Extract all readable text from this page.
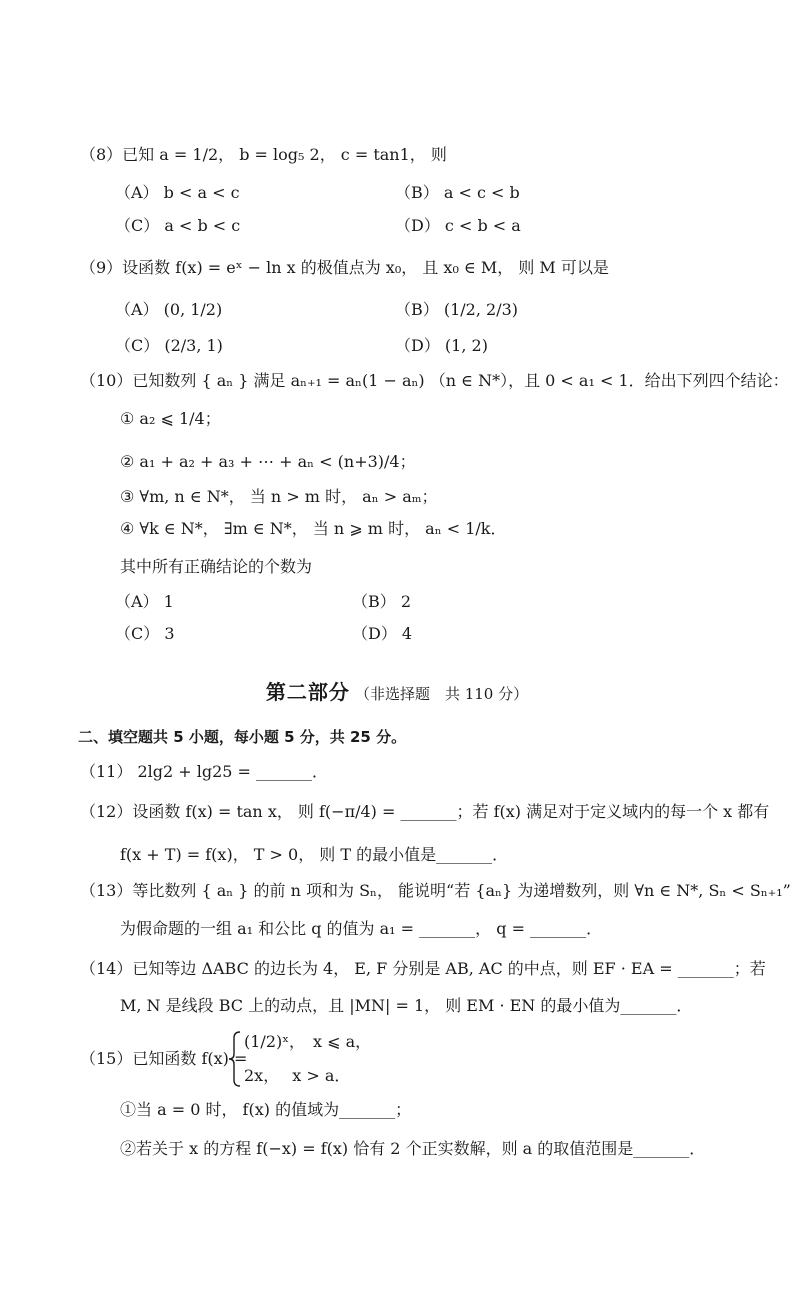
（8）已知 a = 1/2， b = log₅ 2， c = tan1， 则
（A） b < a < c	（B） a < c < b
（C） a < b < c	（D） c < b < a
（9）设函数 f(x) = eˣ − ln x 的极值点为 x₀， 且 x₀ ∈ M， 则 M 可以是
（A） (0, 1/2)	（B） (1/2, 2/3)
（C） (2/3, 1)	（D） (1, 2)
（10）已知数列 { aₙ } 满足 aₙ₊₁ = aₙ(1 − aₙ) （n ∈ N*），且 0 < a₁ < 1．给出下列四个结论：
① a₂ ⩽ 1/4；
② a₁ + a₂ + a₃ + ⋯ + aₙ < (n+3)/4；
③ ∀m, n ∈ N*， 当 n > m 时， aₙ > aₘ；
④ ∀k ∈ N*， ∃m ∈ N*， 当 n ⩾ m 时， aₙ < 1/k．
其中所有正确结论的个数为
（A） 1	（B） 2
（C） 3	（D） 4
第二部分 （非选择题　共 110 分）
二、填空题共 5 小题，每小题 5 分，共 25 分。
（11） 2lg2 + lg25 = _______．
（12）设函数 f(x) = tan x， 则 f(−π/4) = _______；若 f(x) 满足对于定义域内的每一个 x 都有
f(x + T) = f(x)， T > 0， 则 T 的最小值是_______．
（13）等比数列 { aₙ } 的前 n 项和为 Sₙ， 能说明“若 {aₙ} 为递增数列，则 ∀n ∈ N*, Sₙ < Sₙ₊₁”
为假命题的一组 a₁ 和公比 q 的值为 a₁ = _______， q = _______．
（14）已知等边 ΔABC 的边长为 4， E, F 分别是 AB, AC 的中点，则 EF · EA = _______；若
M, N 是线段 BC 上的动点，且 |MN| = 1， 则 EM · EN 的最小值为_______．
（15）已知函数 f(x) =
(1/2)ˣ，　x ⩽ a，
2x，　 x > a．
①当 a = 0 时， f(x) 的值域为_______；
②若关于 x 的方程 f(−x) = f(x) 恰有 2 个正实数解，则 a 的取值范围是_______．
